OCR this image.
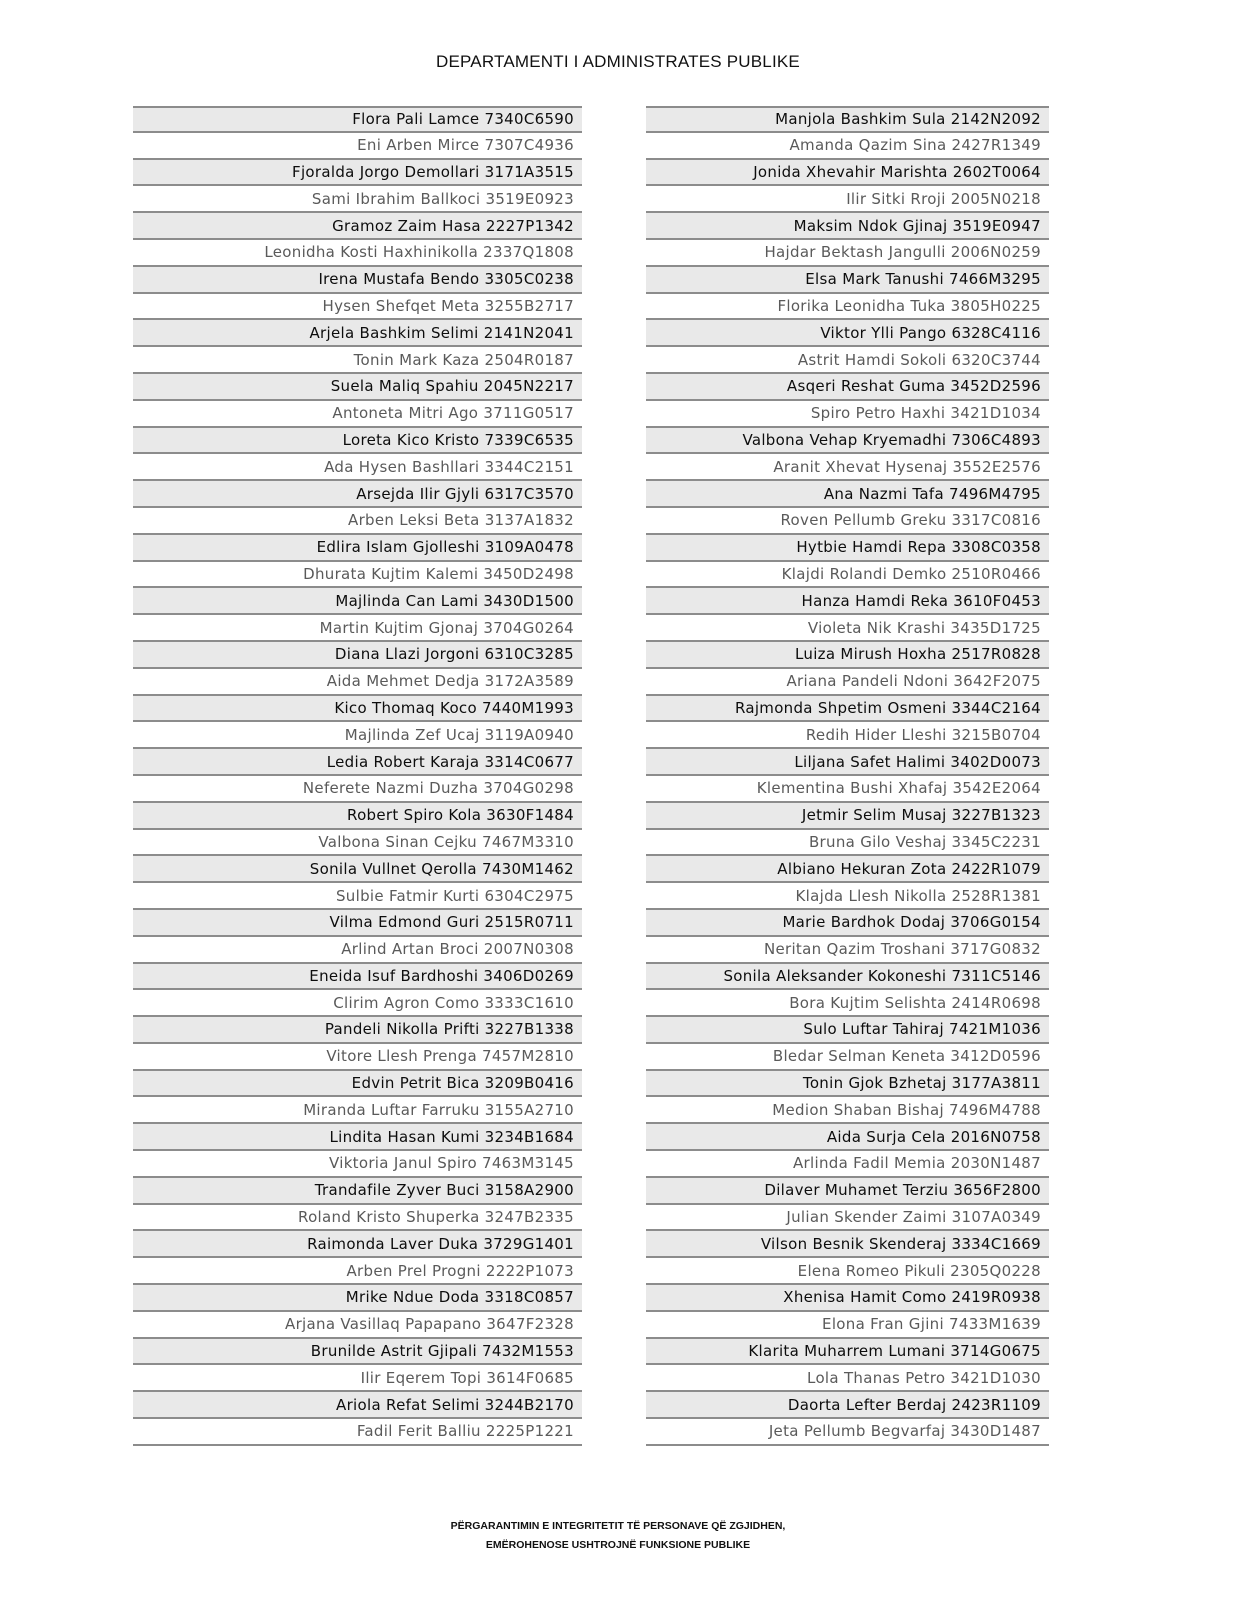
DEPARTAMENTI I ADMINISTRATES PUBLIKE
Flora Pali Lamce 7340C6590
Eni Arben Mirce 7307C4936
Fjoralda Jorgo Demollari 3171A3515
Sami Ibrahim Ballkoci 3519E0923
Gramoz Zaim Hasa 2227P1342
Leonidha Kosti Haxhinikolla 2337Q1808
Irena Mustafa Bendo 3305C0238
Hysen Shefqet Meta 3255B2717
Arjela Bashkim Selimi 2141N2041
Tonin Mark Kaza 2504R0187
Suela Maliq Spahiu 2045N2217
Antoneta Mitri Ago 3711G0517
Loreta Kico Kristo 7339C6535
Ada Hysen Bashllari 3344C2151
Arsejda Ilir Gjyli 6317C3570
Arben Leksi Beta 3137A1832
Edlira Islam Gjolleshi 3109A0478
Dhurata Kujtim Kalemi 3450D2498
Majlinda Can Lami 3430D1500
Martin Kujtim Gjonaj 3704G0264
Diana Llazi Jorgoni 6310C3285
Aida Mehmet Dedja 3172A3589
Kico Thomaq Koco 7440M1993
Majlinda Zef Ucaj 3119A0940
Ledia Robert Karaja 3314C0677
Neferete Nazmi Duzha 3704G0298
Robert Spiro Kola 3630F1484
Valbona Sinan Cejku 7467M3310
Sonila Vullnet Qerolla 7430M1462
Sulbie Fatmir Kurti 6304C2975
Vilma Edmond Guri 2515R0711
Arlind Artan Broci 2007N0308
Eneida Isuf Bardhoshi 3406D0269
Clirim Agron Como 3333C1610
Pandeli Nikolla Prifti 3227B1338
Vitore Llesh Prenga 7457M2810
Edvin Petrit Bica 3209B0416
Miranda Luftar Farruku 3155A2710
Lindita Hasan Kumi 3234B1684
Viktoria Janul Spiro 7463M3145
Trandafile Zyver Buci 3158A2900
Roland Kristo Shuperka 3247B2335
Raimonda Laver Duka 3729G1401
Arben Prel Progni 2222P1073
Mrike Ndue Doda 3318C0857
Arjana Vasillaq Papapano 3647F2328
Brunilde Astrit Gjipali 7432M1553
Ilir Eqerem Topi 3614F0685
Ariola Refat Selimi 3244B2170
Fadil Ferit Balliu 2225P1221
Manjola Bashkim Sula 2142N2092
Amanda Qazim Sina 2427R1349
Jonida Xhevahir Marishta 2602T0064
Ilir Sitki Rroji 2005N0218
Maksim Ndok Gjinaj 3519E0947
Hajdar Bektash Jangulli 2006N0259
Elsa Mark Tanushi 7466M3295
Florika Leonidha Tuka 3805H0225
Viktor Ylli Pango 6328C4116
Astrit Hamdi Sokoli 6320C3744
Asqeri Reshat Guma 3452D2596
Spiro Petro Haxhi 3421D1034
Valbona Vehap Kryemadhi 7306C4893
Aranit Xhevat Hysenaj 3552E2576
Ana Nazmi Tafa 7496M4795
Roven Pellumb Greku 3317C0816
Hytbie Hamdi Repa 3308C0358
Klajdi Rolandi Demko 2510R0466
Hanza Hamdi Reka 3610F0453
Violeta Nik Krashi 3435D1725
Luiza Mirush Hoxha 2517R0828
Ariana Pandeli Ndoni 3642F2075
Rajmonda Shpetim Osmeni 3344C2164
Redih Hider Lleshi 3215B0704
Liljana Safet Halimi 3402D0073
Klementina Bushi Xhafaj 3542E2064
Jetmir Selim Musaj 3227B1323
Bruna Gilo Veshaj 3345C2231
Albiano Hekuran Zota 2422R1079
Klajda Llesh Nikolla 2528R1381
Marie Bardhok Dodaj 3706G0154
Neritan Qazim Troshani 3717G0832
Sonila Aleksander Kokoneshi 7311C5146
Bora Kujtim Selishta 2414R0698
Sulo Luftar Tahiraj 7421M1036
Bledar Selman Keneta 3412D0596
Tonin Gjok Bzhetaj 3177A3811
Medion Shaban Bishaj 7496M4788
Aida Surja Cela 2016N0758
Arlinda Fadil Memia 2030N1487
Dilaver Muhamet Terziu 3656F2800
Julian Skender Zaimi 3107A0349
Vilson Besnik Skenderaj 3334C1669
Elena Romeo Pikuli 2305Q0228
Xhenisa Hamit Como 2419R0938
Elona Fran Gjini 7433M1639
Klarita Muharrem Lumani 3714G0675
Lola Thanas Petro 3421D1030
Daorta Lefter Berdaj 2423R1109
Jeta Pellumb Begvarfaj 3430D1487
PËRGARANTIMIN E INTEGRITETIT TË PERSONAVE QË ZGJIDHEN,
EMËROHENOSE USHTROJNË FUNKSIONE PUBLIKE
